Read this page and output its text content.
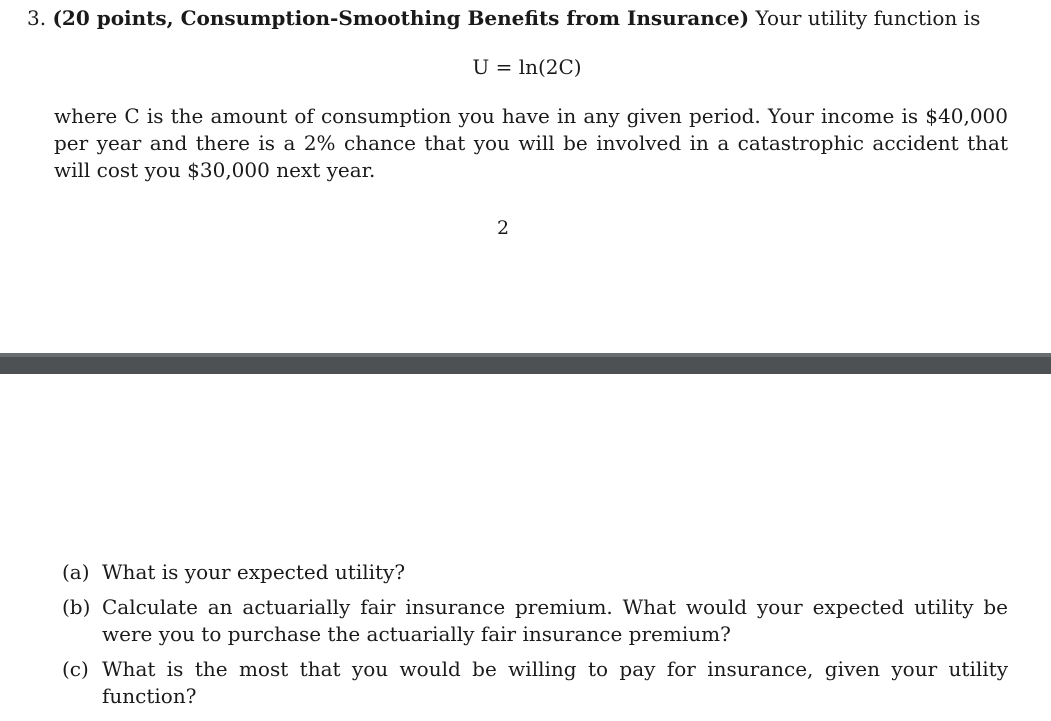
3. (20 points, Consumption-Smoothing Benefits from Insurance) Your utility function is
U = ln(2C)
where C is the amount of consumption you have in any given period. Your income is $40,000 per year and there is a 2% chance that you will be involved in a catastrophic accident that will cost you $30,000 next year.
2
(a) What is your expected utility?
(b) Calculate an actuarially fair insurance premium. What would your expected utility be were you to purchase the actuarially fair insurance premium?
(c) What is the most that you would be willing to pay for insurance, given your utility function?
